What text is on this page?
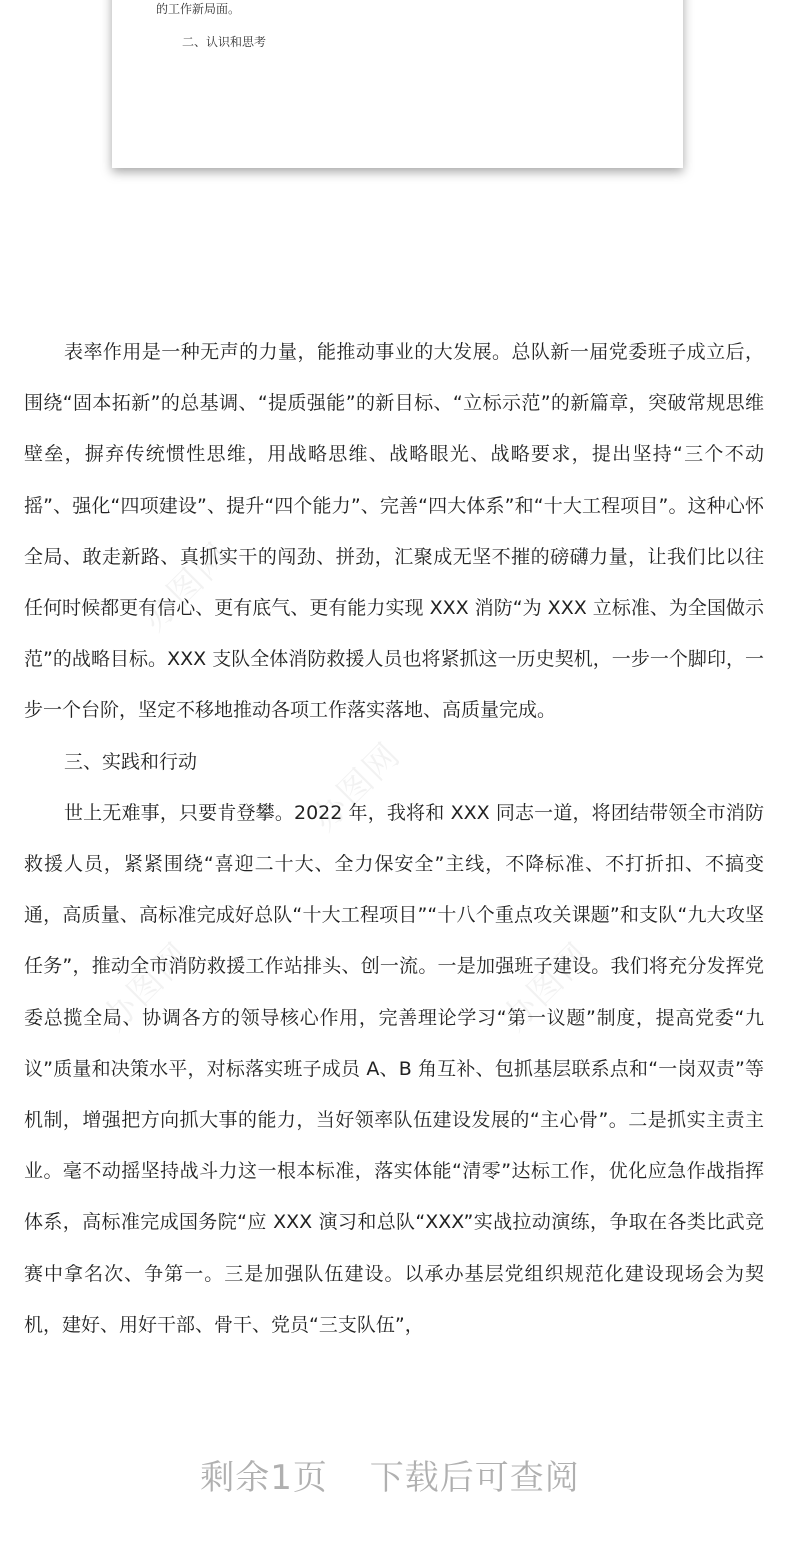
的工作新局面。
二、认识和思考
办图网
办图网
办图网	办图网

表率作用是一种无声的力量，能推动事业的大发展。总队新一届党委班子成立后，围绕“固本拓新”的总基调、“提质强能”的新目标、“立标示范”的新篇章，突破常规思维壁垒，摒弃传统惯性思维，用战略思维、战略眼光、战略要求，提出坚持“三个不动摇”、强化“四项建设”、提升“四个能力”、完善“四大体系”和“十大工程项目”。这种心怀全局、敢走新路、真抓实干的闯劲、拼劲，汇聚成无坚不摧的磅礴力量，让我们比以往任何时候都更有信心、更有底气、更有能力实现 XXX 消防“为 XXX 立标准、为全国做示范”的战略目标。XXX 支队全体消防救援人员也将紧抓这一历史契机，一步一个脚印，一步一个台阶，坚定不移地推动各项工作落实落地、高质量完成。

三、实践和行动

世上无难事，只要肯登攀。2022 年，我将和 XXX 同志一道，将团结带领全市消防救援人员，紧紧围绕“喜迎二十大、全力保安全”主线，不降标准、不打折扣、不搞变通，高质量、高标准完成好总队“十大工程项目”“十八个重点攻关课题”和支队“九大攻坚任务”，推动全市消防救援工作站排头、创一流。一是加强班子建设。我们将充分发挥党委总揽全局、协调各方的领导核心作用，完善理论学习“第一议题”制度，提高党委“九议”质量和决策水平，对标落实班子成员 A、B 角互补、包抓基层联系点和“一岗双责”等机制，增强把方向抓大事的能力，当好领率队伍建设发展的“主心骨”。二是抓实主责主业。毫不动摇坚持战斗力这一根本标准，落实体能“清零”达标工作，优化应急作战指挥体系，高标准完成国务院“应 XXX 演习和总队“XXX”实战拉动演练，争取在各类比武竞赛中拿名次、争第一。三是加强队伍建设。以承办基层党组织规范化建设现场会为契机，建好、用好干部、骨干、党员“三支队伍”，

剩余1页 下载后可查阅
